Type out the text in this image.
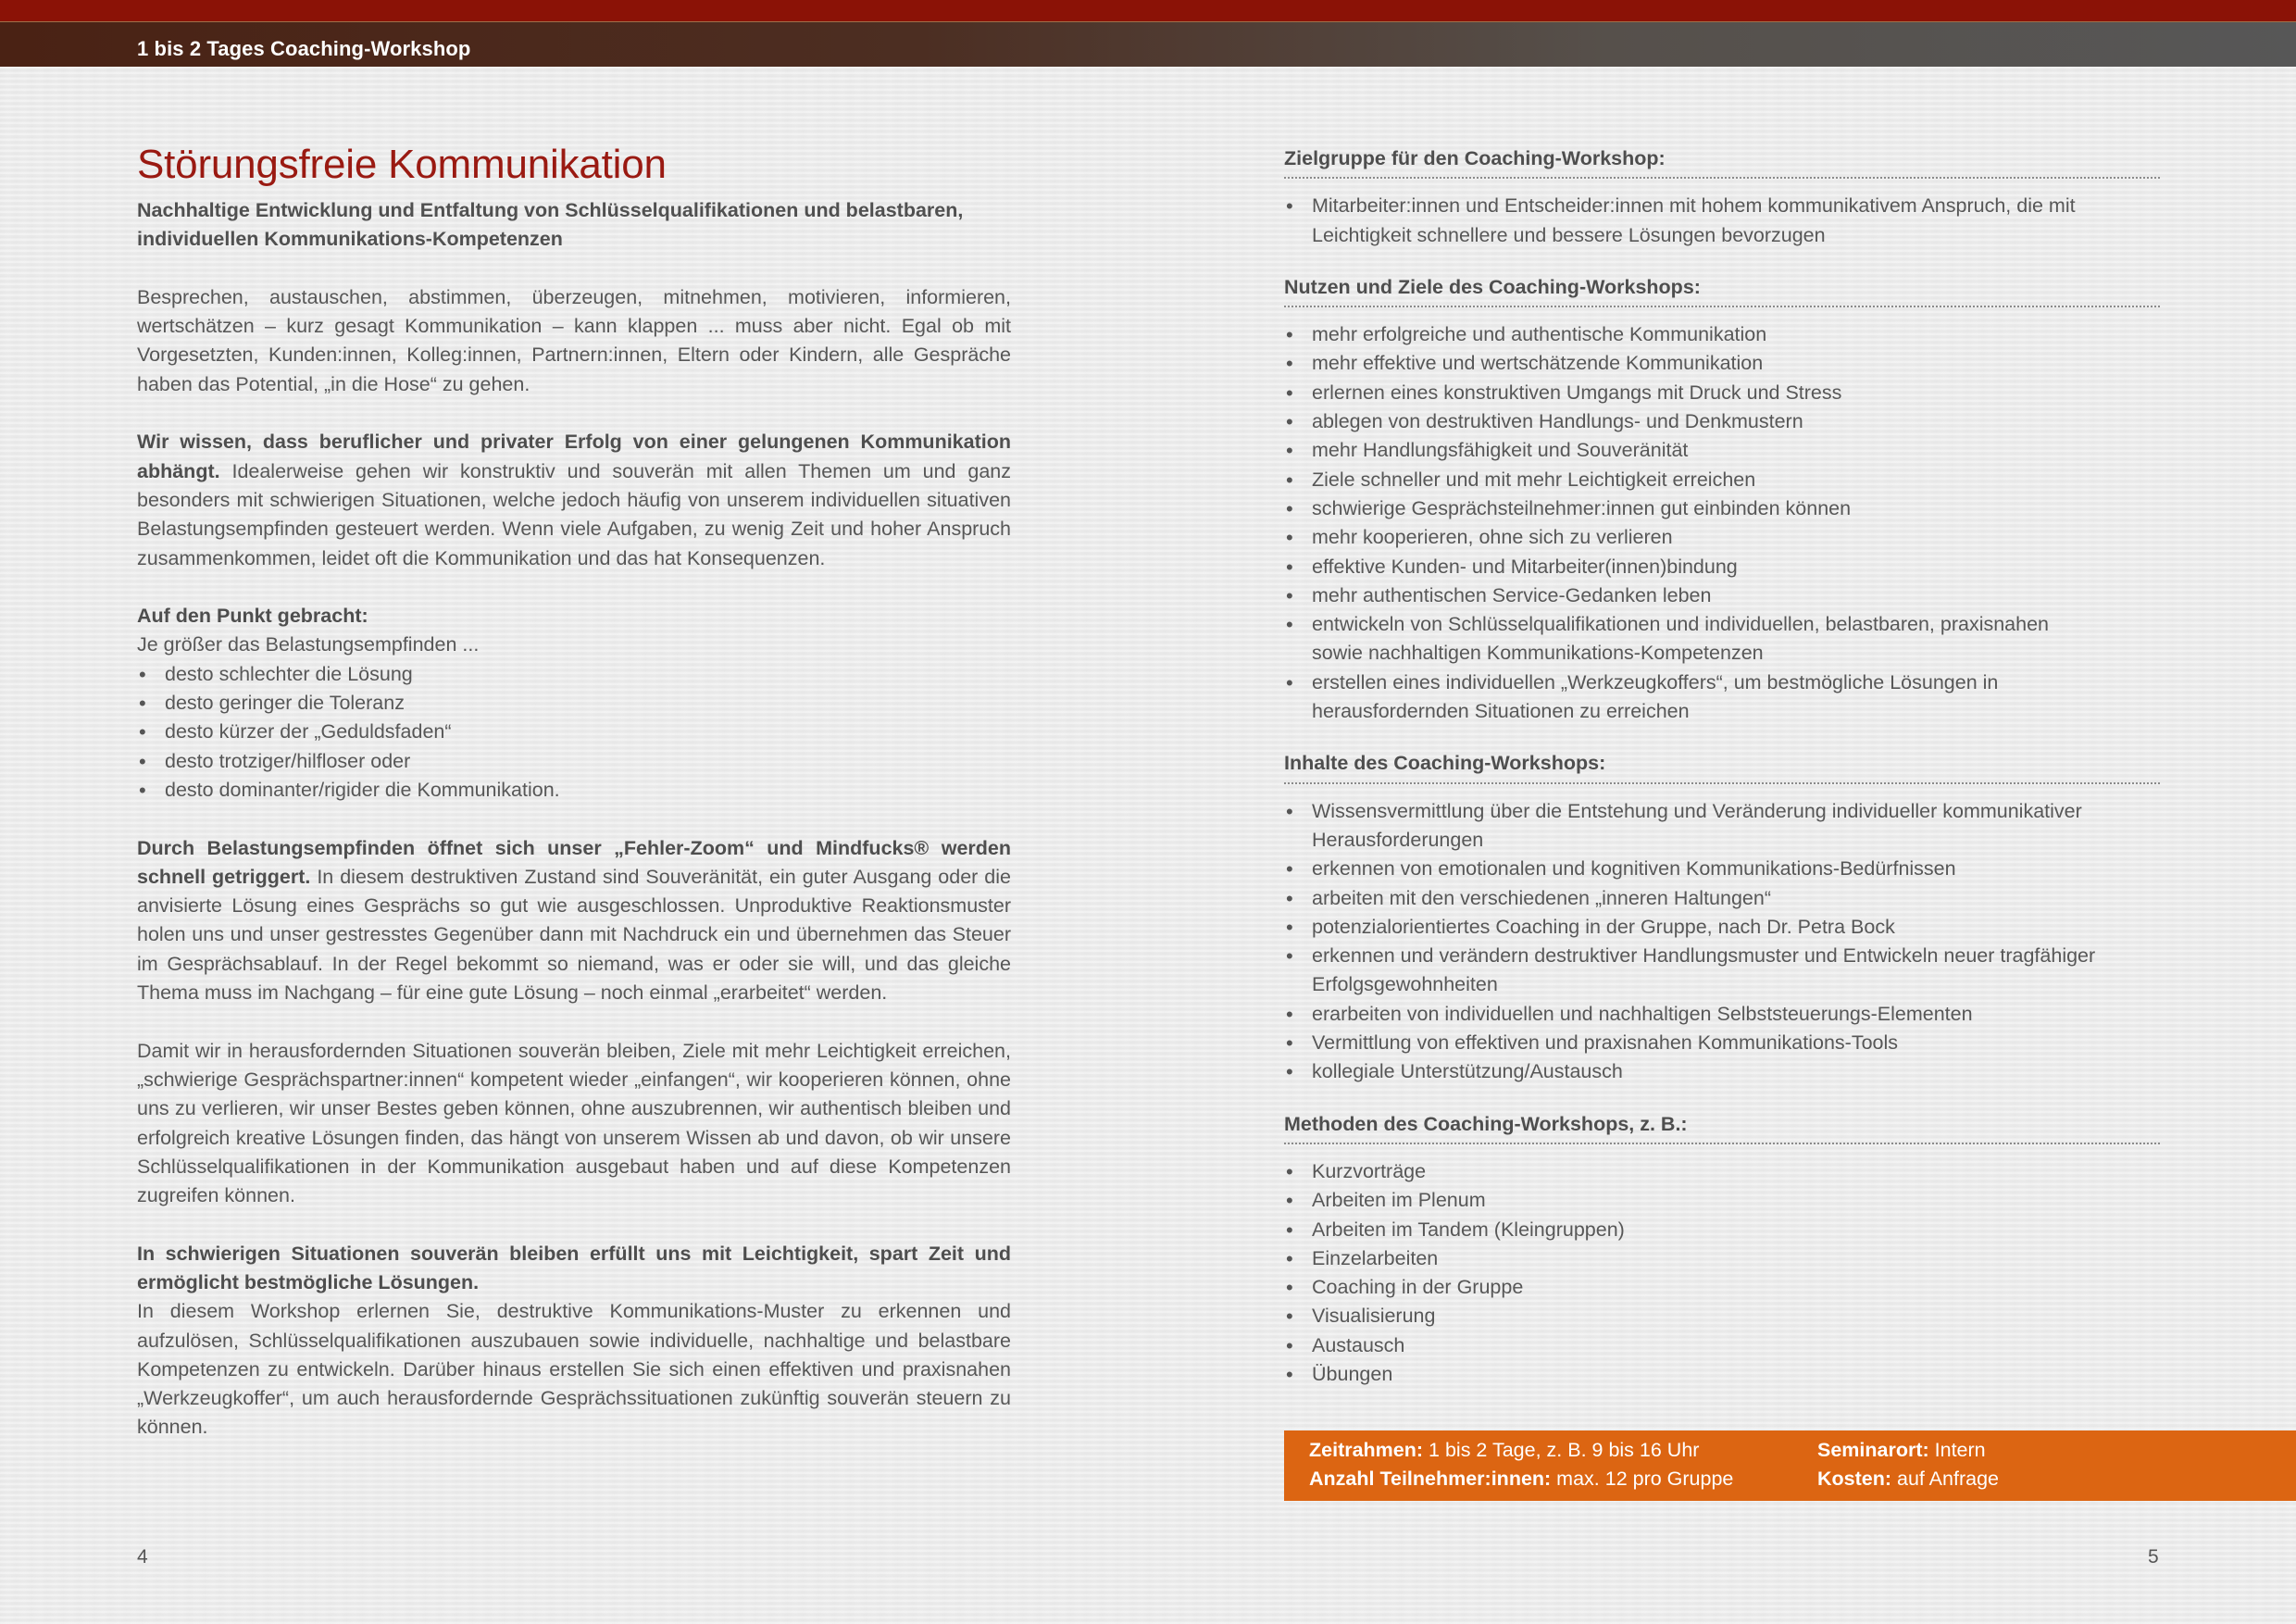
1 bis 2 Tages Coaching-Workshop
Störungsfreie Kommunikation

Nachhaltige Entwicklung und Entfaltung von Schlüsselqualifikationen und belastbaren, individuellen Kommunikations-Kompetenzen

Besprechen, austauschen, abstimmen, überzeugen, mitnehmen, motivieren, informieren, wertschätzen – kurz gesagt Kommunikation – kann klappen ... muss aber nicht. Egal ob mit Vorgesetzten, Kunden:innen, Kolleg:innen, Partnern:innen, Eltern oder Kindern, alle Gespräche haben das Potential, „in die Hose“ zu gehen.

Wir wissen, dass beruflicher und privater Erfolg von einer gelungenen Kommunikation abhängt. Idealerweise gehen wir konstruktiv und souverän mit allen Themen um und ganz besonders mit schwierigen Situationen, welche jedoch häufig von unserem individuellen situativen Belastungsempfinden gesteuert werden. Wenn viele Aufgaben, zu wenig Zeit und hoher Anspruch zusammenkommen, leidet oft die Kommunikation und das hat Konsequenzen.

Auf den Punkt gebracht:

Je größer das Belastungsempfinden ...

• desto schlechter die Lösung
• desto geringer die Toleranz
• desto kürzer der „Geduldsfaden“
• desto trotziger/hilfloser oder
• desto dominanter/rigider die Kommunikation.

Durch Belastungsempfinden öffnet sich unser „Fehler-Zoom“ und Mindfucks® werden schnell getriggert. In diesem destruktiven Zustand sind Souveränität, ein guter Ausgang oder die anvisierte Lösung eines Gesprächs so gut wie ausgeschlossen. Unproduktive Reaktionsmuster holen uns und unser gestresstes Gegenüber dann mit Nachdruck ein und übernehmen das Steuer im Gesprächsablauf. In der Regel bekommt so niemand, was er oder sie will, und das gleiche Thema muss im Nachgang – für eine gute Lösung – noch einmal „erarbeitet“ werden.

Damit wir in herausfordernden Situationen souverän bleiben, Ziele mit mehr Leichtigkeit erreichen, „schwierige Gesprächspartner:innen“ kompetent wieder „einfangen“, wir kooperieren können, ohne uns zu verlieren, wir unser Bestes geben können, ohne auszubrennen, wir authentisch bleiben und erfolgreich kreative Lösungen finden, das hängt von unserem Wissen ab und davon, ob wir unsere Schlüsselqualifikationen in der Kommunikation ausgebaut haben und auf diese Kompetenzen zugreifen können.

In schwierigen Situationen souverän bleiben erfüllt uns mit Leichtigkeit, spart Zeit und ermöglicht bestmögliche Lösungen.

In diesem Workshop erlernen Sie, destruktive Kommunikations-Muster zu erkennen und aufzulösen, Schlüsselqualifikationen auszubauen sowie individuelle, nachhaltige und belastbare Kompetenzen zu entwickeln. Darüber hinaus erstellen Sie sich einen effektiven und praxisnahen „Werkzeugkoffer“, um auch herausfordernde Gesprächssituationen zukünftig souverän steuern zu können.

4
Zielgruppe für den Coaching-Workshop:
• Mitarbeiter:innen und Entscheider:innen mit hohem kommunikativem Anspruch, die mit Leichtigkeit schnellere und bessere Lösungen bevorzugen
Nutzen und Ziele des Coaching-Workshops:
• mehr erfolgreiche und authentische Kommunikation
• mehr effektive und wertschätzende Kommunikation
• erlernen eines konstruktiven Umgangs mit Druck und Stress
• ablegen von destruktiven Handlungs- und Denkmustern
• mehr Handlungsfähigkeit und Souveränität
• Ziele schneller und mit mehr Leichtigkeit erreichen
• schwierige Gesprächsteilnehmer:innen gut einbinden können
• mehr kooperieren, ohne sich zu verlieren
• effektive Kunden- und Mitarbeiter(innen)bindung
• mehr authentischen Service-Gedanken leben
• entwickeln von Schlüsselqualifikationen und individuellen, belastbaren, praxisnahen sowie nachhaltigen Kommunikations-Kompetenzen
• erstellen eines individuellen „Werkzeugkoffers“, um bestmögliche Lösungen in herausfordernden Situationen zu erreichen
Inhalte des Coaching-Workshops:
• Wissensvermittlung über die Entstehung und Veränderung individueller kommunikativer Herausforderungen
• erkennen von emotionalen und kognitiven Kommunikations-Bedürfnissen
• arbeiten mit den verschiedenen „inneren Haltungen“
• potenzialorientiertes Coaching in der Gruppe, nach Dr. Petra Bock
• erkennen und verändern destruktiver Handlungsmuster und Entwickeln neuer tragfähiger Erfolgsgewohnheiten
• erarbeiten von individuellen und nachhaltigen Selbststeuerungs-Elementen
• Vermittlung von effektiven und praxisnahen Kommunikations-Tools
• kollegiale Unterstützung/Austausch
Methoden des Coaching-Workshops, z. B.:
• Kurzvorträge
• Arbeiten im Plenum
• Arbeiten im Tandem (Kleingruppen)
• Einzelarbeiten
• Coaching in der Gruppe
• Visualisierung
• Austausch
• Übungen
Zeitrahmen: 1 bis 2 Tage, z. B. 9 bis 16 Uhr
Anzahl Teilnehmer:innen: max. 12 pro Gruppe
Seminarort: Intern
Kosten: auf Anfrage
5
